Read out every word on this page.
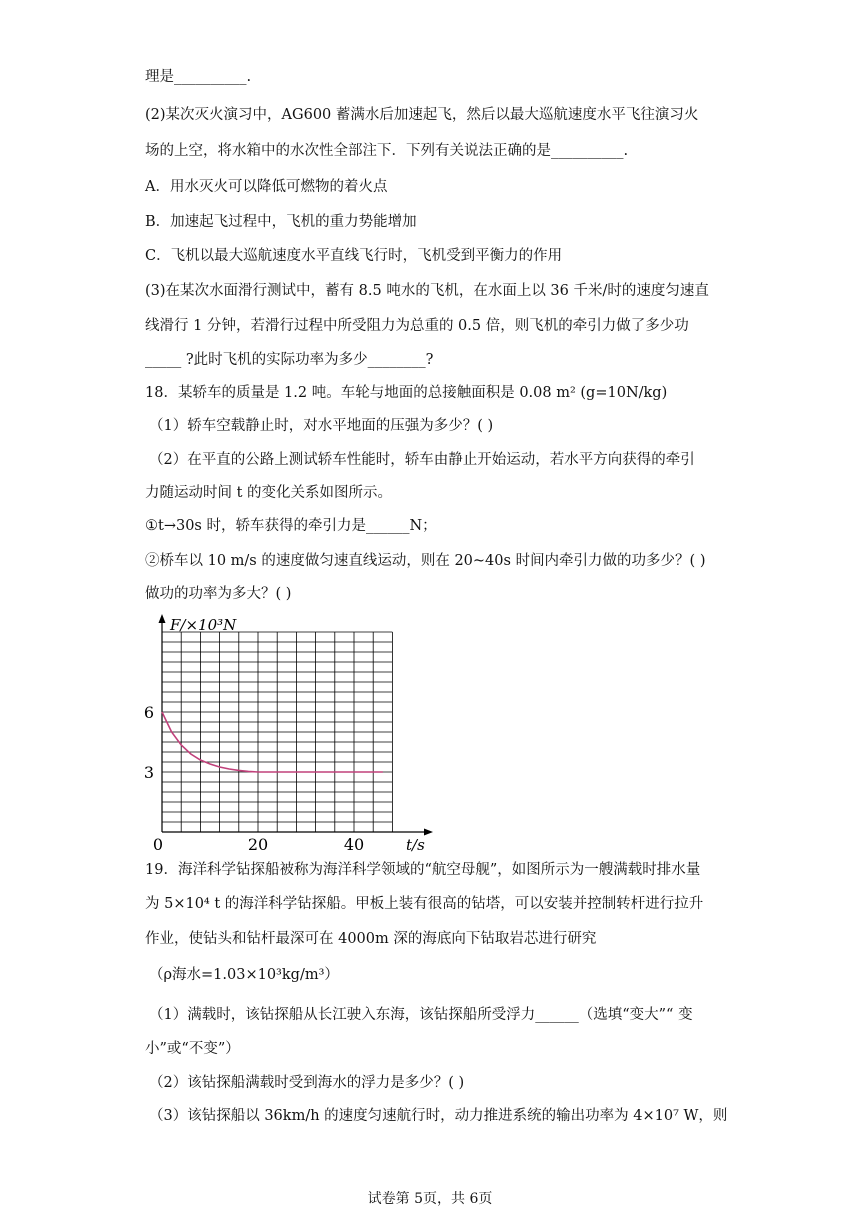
理是__________.
(2)某次灭火演习中，AG600 蓄满水后加速起飞，然后以最大巡航速度水平飞往演习火
场的上空，将水箱中的水次性全部注下．下列有关说法正确的是__________.
A．用水灭火可以降低可燃物的着火点
B．加速起飞过程中，飞机的重力势能增加
C．飞机以最大巡航速度水平直线飞行时，飞机受到平衡力的作用
(3)在某次水面滑行测试中，蓄有 8.5 吨水的飞机，在水面上以 36 千米/时的速度匀速直
线滑行 1 分钟，若滑行过程中所受阻力为总重的 0.5 倍，则飞机的牵引力做了多少功
_____ ?此时飞机的实际功率为多少________?
18．某轿车的质量是 1.2 吨。车轮与地面的总接触面积是 0.08 m² (g=10N/kg)
（1）轿车空载静止时，对水平地面的压强为多少？( )
（2）在平直的公路上测试轿车性能时，轿车由静止开始运动，若水平方向获得的牵引
力随运动时间 t 的变化关系如图所示。
①t→30s 时，轿车获得的牵引力是______N；
②桥车以 10 m/s 的速度做匀速直线运动，则在 20~40s 时间内牵引力做的功多少？( )
做功的功率为多大？( )
F/×10³N
t/s
0	20	40
3
6
19．海洋科学钻探船被称为海洋科学领域的“航空母舰”，如图所示为一艘满载时排水量
为 5×10⁴ t 的海洋科学钻探船。甲板上装有很高的钻塔，可以安装并控制转杆进行拉升
作业，使钻头和钻杆最深可在 4000m 深的海底向下钻取岩芯进行研究
（ρ海水=1.03×10³kg/m³）
（1）满载时，该钻探船从长江驶入东海，该钻探船所受浮力______（选填“变大”“ 变
小”或“不变”）
（2）该钻探船满载时受到海水的浮力是多少？( )
（3）该钻探船以 36km/h 的速度匀速航行时，动力推进系统的输出功率为 4×10⁷ W，则
试卷第 5页，共 6页
